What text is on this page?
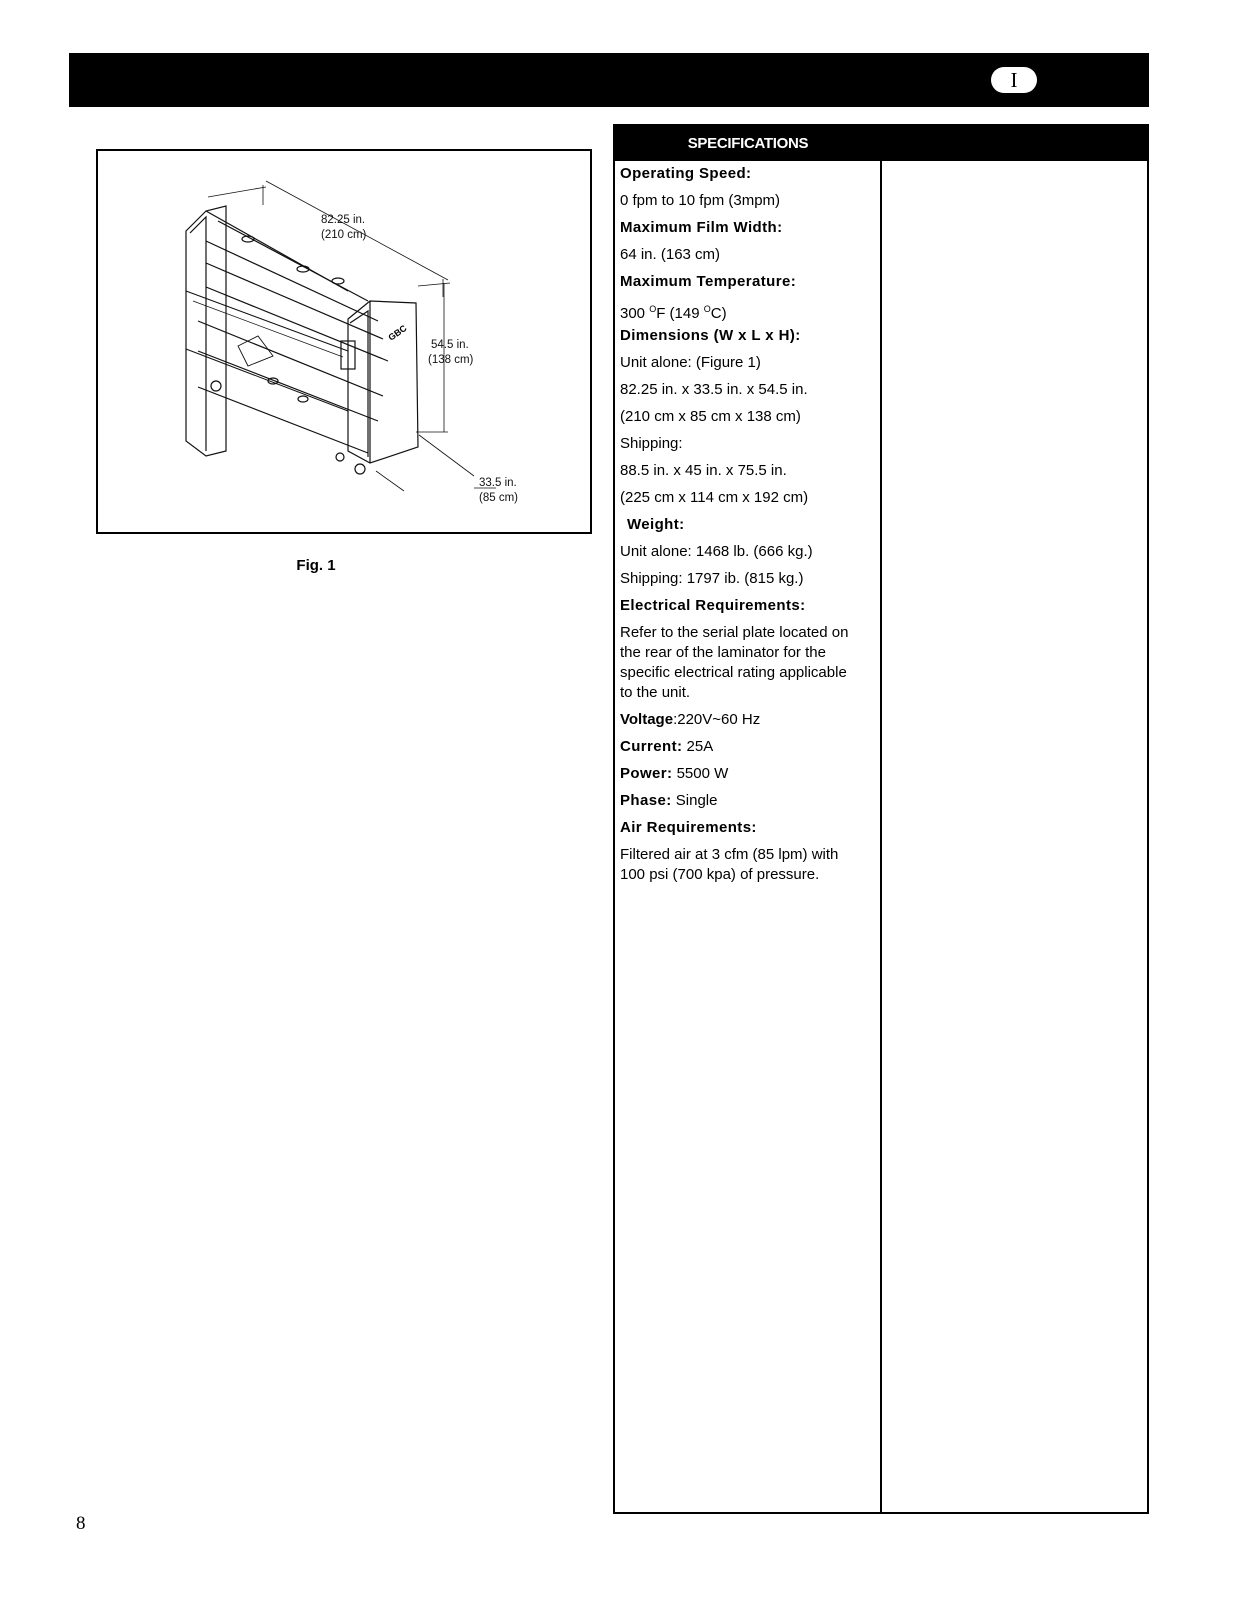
I
GBC
82.25 in.
(210 cm)
54.5 in.
(138 cm)
33.5 in.
(85 cm)
Fig. 1
SPECIFICATIONS
Operating Speed:
0 fpm to 10 fpm (3mpm)
Maximum Film Width:
64 in. (163 cm)
Maximum Temperature:
300 $^O$F (149 $^O$C)
Dimensions (W x L x H):
Unit alone: (Figure 1)
82.25 in. x 33.5 in. x 54.5 in.
(210 cm x 85 cm x 138 cm)
Shipping:
88.5 in. x 45 in. x 75.5 in.
(225 cm x 114 cm x 192 cm)
Weight:
Unit alone: 1468 lb. (666 kg.)
Shipping: 1797 ib. (815 kg.)
Electrical Requirements:
Refer to the serial plate located on
the rear of the laminator for the
specific electrical rating applicable
to the unit.
Voltage:220V~60 Hz
Current: 25A
Power: 5500 W
Phase: Single
Air Requirements:
Filtered air at 3 cfm (85 lpm) with
100 psi (700 kpa) of pressure.
8
